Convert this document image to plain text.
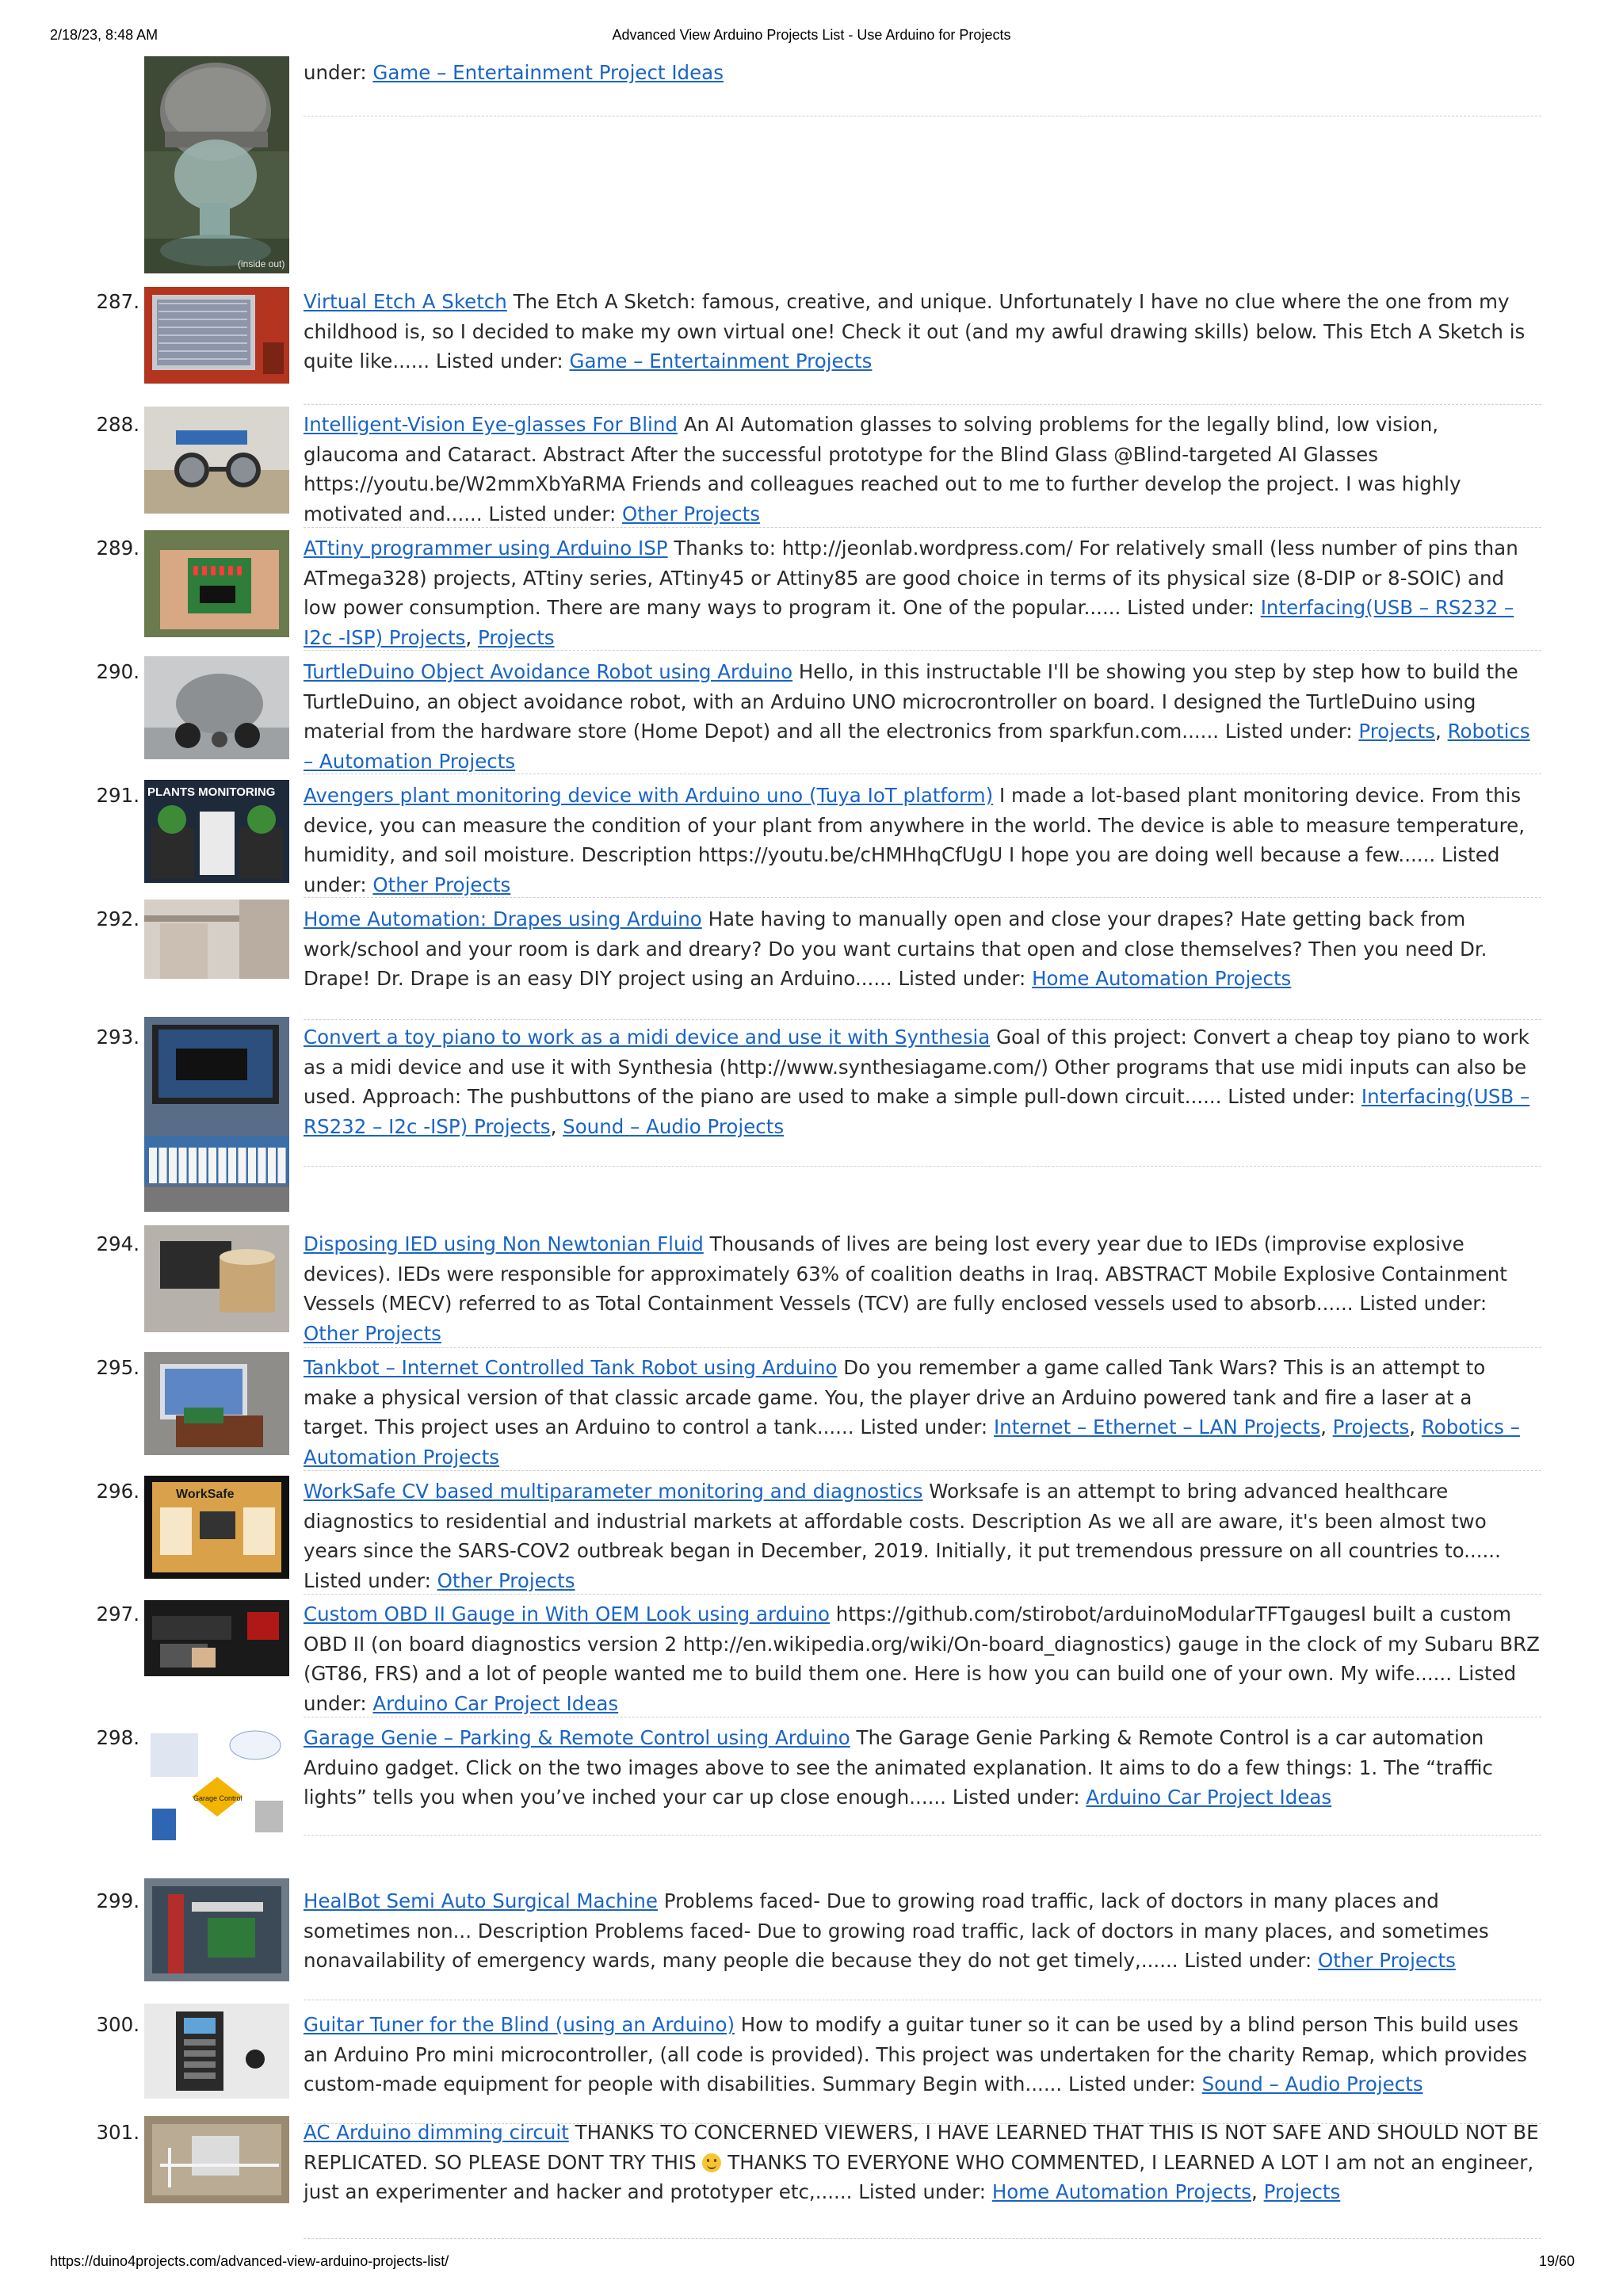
2/18/23, 8:48 AM	Advanced View Arduino Projects List - Use Arduino for Projects
(inside out)
under: Game – Entertainment Project Ideas
287.	Virtual Etch A Sketch The Etch A Sketch: famous, creative, and unique. Unfortunately I have no clue where the one from my childhood is, so I decided to make my own virtual one! Check it out (and my awful drawing skills) below. This Etch A Sketch is quite like...... Listed under: Game – Entertainment Projects
288.	Intelligent-Vision Eye-glasses For Blind An AI Automation glasses to solving problems for the legally blind, low vision, glaucoma and Cataract. Abstract After the successful prototype for the Blind Glass @Blind-targeted AI Glasses https://youtu.be/W2mmXbYaRMA Friends and colleagues reached out to me to further develop the project. I was highly motivated and...... Listed under: Other Projects
289.	ATtiny programmer using Arduino ISP Thanks to: http://jeonlab.wordpress.com/ For relatively small (less number of pins than ATmega328) projects, ATtiny series, ATtiny45 or Attiny85 are good choice in terms of its physical size (8-DIP or 8-SOIC) and low power consumption. There are many ways to program it. One of the popular...... Listed under: Interfacing(USB – RS232 – I2c -ISP) Projects, Projects
290.	TurtleDuino Object Avoidance Robot using Arduino Hello, in this instructable I'll be showing you step by step how to build the TurtleDuino, an object avoidance robot, with an Arduino UNO microcrontroller on board. I designed the TurtleDuino using material from the hardware store (Home Depot) and all the electronics from sparkfun.com...... Listed under: Projects, Robotics – Automation Projects
291. PLANTS MONITORING Avengers plant monitoring device with Arduino uno (Tuya IoT platform) I made a lot-based plant monitoring device. From this device, you can measure the condition of your plant from anywhere in the world. The device is able to measure temperature, humidity, and soil moisture. Description https://youtu.be/cHMHhqCfUgU I hope you are doing well because a few...... Listed under: Other Projects
292.	Home Automation: Drapes using Arduino Hate having to manually open and close your drapes? Hate getting back from work/school and your room is dark and dreary? Do you want curtains that open and close themselves? Then you need Dr. Drape! Dr. Drape is an easy DIY project using an Arduino...... Listed under: Home Automation Projects
293.	Convert a toy piano to work as a midi device and use it with Synthesia Goal of this project: Convert a cheap toy piano to work as a midi device and use it with Synthesia (http://www.synthesiagame.com/) Other programs that use midi inputs can also be used. Approach: The pushbuttons of the piano are used to make a simple pull-down circuit...... Listed under: Interfacing(USB – RS232 – I2c -ISP) Projects, Sound – Audio Projects
294.	Disposing IED using Non Newtonian Fluid Thousands of lives are being lost every year due to IEDs (improvise explosive devices). IEDs were responsible for approximately 63% of coalition deaths in Iraq. ABSTRACT Mobile Explosive Containment Vessels (MECV) referred to as Total Containment Vessels (TCV) are fully enclosed vessels used to absorb...... Listed under: Other Projects
295.	Tankbot – Internet Controlled Tank Robot using Arduino Do you remember a game called Tank Wars? This is an attempt to make a physical version of that classic arcade game. You, the player drive an Arduino powered tank and fire a laser at a target. This project uses an Arduino to control a tank...... Listed under: Internet – Ethernet – LAN Projects, Projects, Robotics – Automation Projects
296.	WorkSafe	WorkSafe CV based multiparameter monitoring and diagnostics Worksafe is an attempt to bring advanced healthcare diagnostics to residential and industrial markets at affordable costs. Description As we all are aware, it's been almost two years since the SARS-COV2 outbreak began in December, 2019. Initially, it put tremendous pressure on all countries to...... Listed under: Other Projects
297.	Custom OBD II Gauge in With OEM Look using arduino https://github.com/stirobot/arduinoModularTFTgaugesI built a custom OBD II (on board diagnostics version 2 http://en.wikipedia.org/wiki/On-board_diagnostics) gauge in the clock of my Subaru BRZ (GT86, FRS) and a lot of people wanted me to build them one. Here is how you can build one of your own. My wife...... Listed under: Arduino Car Project Ideas
298.
Garage Control
Garage Genie – Parking & Remote Control using Arduino The Garage Genie Parking & Remote Control is a car automation Arduino gadget. Click on the two images above to see the animated explanation. It aims to do a few things: 1. The “traffic lights” tells you when you’ve inched your car up close enough...... Listed under: Arduino Car Project Ideas
299.	HealBot Semi Auto Surgical Machine Problems faced- Due to growing road traffic, lack of doctors in many places and sometimes non... Description Problems faced- Due to growing road traffic, lack of doctors in many places, and sometimes nonavailability of emergency wards, many people die because they do not get timely,...... Listed under: Other Projects
300.	Guitar Tuner for the Blind (using an Arduino) How to modify a guitar tuner so it can be used by a blind person This build uses an Arduino Pro mini microcontroller, (all code is provided). This project was undertaken for the charity Remap, which provides custom-made equipment for people with disabilities. Summary Begin with...... Listed under: Sound – Audio Projects
301.	AC Arduino dimming circuit THANKS TO CONCERNED VIEWERS, I HAVE LEARNED THAT THIS IS NOT SAFE AND SHOULD NOT BE REPLICATED. SO PLEASE DONT TRY THIS  THANKS TO EVERYONE WHO COMMENTED, I LEARNED A LOT I am not an engineer, just an experimenter and hacker and prototyper etc,...... Listed under: Home Automation Projects, Projects
https://duino4projects.com/advanced-view-arduino-projects-list/	19/60
